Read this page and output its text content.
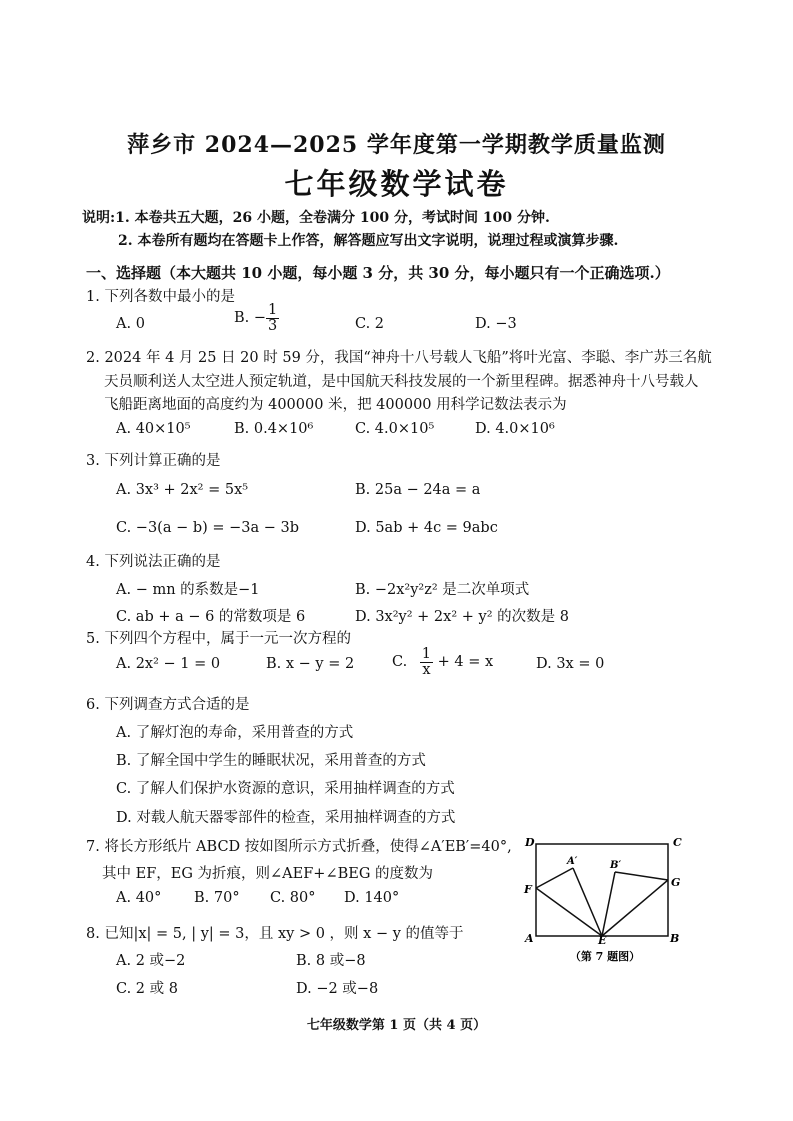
萍乡市 2024—2025 学年度第一学期教学质量监测
七年级数学试卷
说明:1. 本卷共五大题，26 小题，全卷满分 100 分，考试时间 100 分钟.
2. 本卷所有题均在答题卡上作答，解答题应写出文字说明，说理过程或演算步骤.
一、选择题（本大题共 10 小题，每小题 3 分，共 30 分，每小题只有一个正确选项.）
1. 下列各数中最小的是
A. 0	B. − $\frac{1}{3}$	C. 2	D. −3
2. 2024 年 4 月 25 日 20 时 59 分，我国“神舟十八号载人飞船”将叶光富、李聪、李广苏三名航
天员顺利送人太空进人预定轨道，是中国航天科技发展的一个新里程碑。据悉神舟十八号载人
飞船距离地面的高度约为 400000 米，把 400000 用科学记数法表示为
A. 40×10⁵	B. 0.4×10⁶	C. 4.0×10⁵	D. 4.0×10⁶
3. 下列计算正确的是
A. 3x³ + 2x² = 5x⁵	B. 25a − 24a = a
C. −3(a − b) = −3a − 3b	D. 5ab + 4c = 9abc
4. 下列说法正确的是
A. − mn 的系数是−1	B. −2x²y²z² 是二次单项式
C. ab + a − 6 的常数项是 6	D. 3x²y² + 2x² + y² 的次数是 8
5. 下列四个方程中，属于一元一次方程的
A. 2x² − 1 = 0	B. x − y = 2	C. $\frac{1}{x} + 4 = x$	D. 3x = 0
6. 下列调查方式合适的是
A. 了解灯泡的寿命，采用普查的方式
B. 了解全国中学生的睡眠状况，采用普查的方式
C. 了解人们保护水资源的意识，采用抽样调查的方式
D. 对载人航天器零部件的检查，采用抽样调查的方式
7. 将长方形纸片 ABCD 按如图所示方式折叠，使得∠A′EB′=40°,
其中 EF，EG 为折痕，则∠AEF+∠BEG 的度数为
A. 40° B. 70° C. 80° D. 140°
8. 已知|x| = 5, | y| = 3，且 xy > 0 ，则 x − y 的值等于
A. 2 或−2	B. 8 或−8
C. 2 或 8	D. −2 或−8
D	C
A	B
E
F
G
A′	B′
（第 7 题图）
七年级数学第 1 页（共 4 页）
